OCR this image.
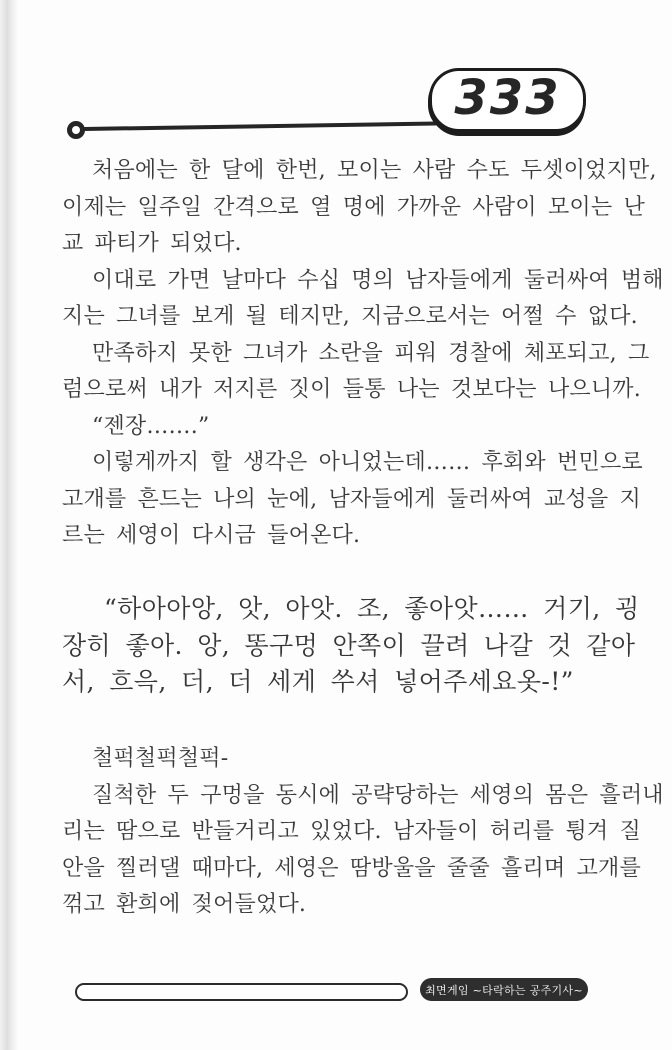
333
처음에는 한 달에 한번, 모이는 사람 수도 두셋이었지만,
이제는 일주일 간격으로 열 명에 가까운 사람이 모이는 난
교 파티가 되었다.
이대로 가면 날마다 수십 명의 남자들에게 둘러싸여 범해
지는 그녀를 보게 될 테지만, 지금으로서는 어쩔 수 없다.
만족하지 못한 그녀가 소란을 피워 경찰에 체포되고, 그
럼으로써 내가 저지른 짓이 들통 나는 것보다는 나으니까.
“젠장…….”
이렇게까지 할 생각은 아니었는데…… 후회와 번민으로
고개를 흔드는 나의 눈에, 남자들에게 둘러싸여 교성을 지
르는 세영이 다시금 들어온다.
“하아아앙, 앗, 아앗. 조, 좋아앗…… 거기, 굉
장히 좋아. 앙, 똥구멍 안쪽이 끌려 나갈 것 같아
서, 흐윽, 더, 더 세게 쑤셔 넣어주세요옷-!”
철퍽철퍽철퍽-
질척한 두 구멍을 동시에 공략당하는 세영의 몸은 흘러내
리는 땀으로 반들거리고 있었다. 남자들이 허리를 튕겨 질
안을 찔러댈 때마다, 세영은 땀방울을 줄줄 흘리며 고개를
꺾고 환희에 젖어들었다.
최면게임 ~타락하는 공주기사~
